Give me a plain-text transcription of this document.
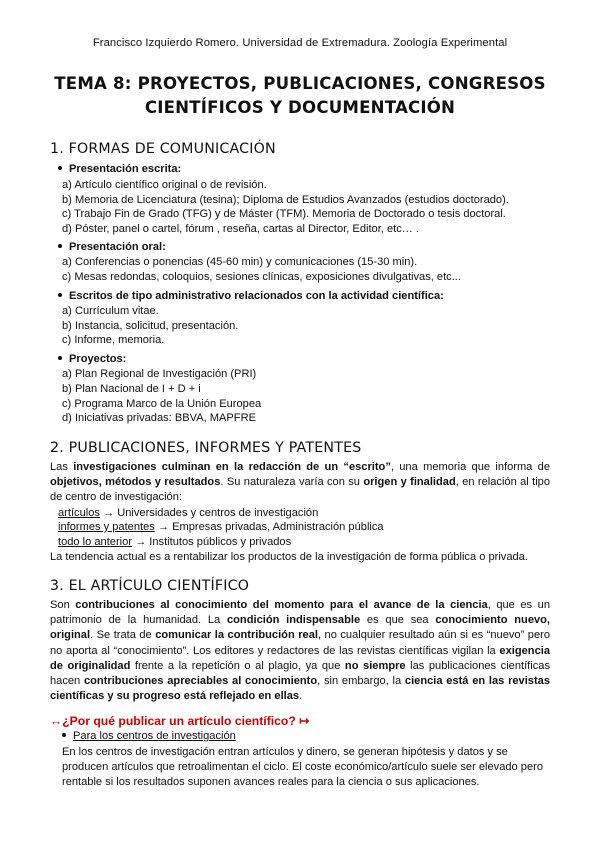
Francisco Izquierdo Romero. Universidad de Extremadura. Zoología Experimental
TEMA 8: PROYECTOS, PUBLICACIONES, CONGRESOS
CIENTÍFICOS Y DOCUMENTACIÓN
1. FORMAS DE COMUNICACIÓN
Presentación escrita:
a) Artículo científico original o de revisión.
b) Memoria de Licenciatura (tesina); Diploma de Estudios Avanzados (estudios doctorado).
c) Trabajo Fin de Grado (TFG) y de Máster (TFM). Memoria de Doctorado o tesis doctoral.
d) Póster, panel o cartel, fórum , reseña, cartas al Director, Editor, etc… .
Presentación oral:
a) Conferencias o ponencias (45-60 min) y comunicaciones (15-30 min).
c) Mesas redondas, coloquios, sesiones clínicas, exposiciones divulgativas, etc...
Escritos de tipo administrativo relacionados con la actividad científica:
a) Currículum vitae.
b) Instancia, solicitud, presentación.
c) Informe, memoria.
Proyectos:
a) Plan Regional de Investigación (PRI)
b) Plan Nacional de I + D + i
c) Programa Marco de la Unión Europea
d) Iniciativas privadas: BBVA, MAPFRE
2. PUBLICACIONES, INFORMES Y PATENTES
Las investigaciones culminan en la redacción de un “escrito”, una memoria que informa de objetivos, métodos y resultados. Su naturaleza varía con su origen y finalidad, en relación al tipo de centro de investigación:
artículos → Universidades y centros de investigación
informes y patentes → Empresas privadas, Administración pública
todo lo anterior → Institutos públicos y privados
La tendencia actual es a rentabilizar los productos de la investigación de forma pública o privada.
3. EL ARTÍCULO CIENTÍFICO
Son contribuciones al conocimiento del momento para el avance de la ciencia, que es un patrimonio de la humanidad. La condición indispensable es que sea conocimiento nuevo, original. Se trata de comunicar la contribución real, no cualquier resultado aún si es “nuevo” pero no aporta al “conocimiento”. Los editores y redactores de las revistas científicas vigilan la exigencia de originalidad frente a la repetición o al plagio, ya que no siempre las publicaciones científicas hacen contribuciones apreciables al conocimiento, sin embargo, la ciencia está en las revistas científicas y su progreso está reflejado en ellas.
↔¿Por qué publicar un artículo científico? ↦
Para los centros de investigación
En los centros de investigación entran artículos y dinero, se generan hipótesis y datos y se producen artículos que retroalimentan el ciclo. El coste económico/artículo suele ser elevado pero rentable si los resultados suponen avances reales para la ciencia o sus aplicaciones.
